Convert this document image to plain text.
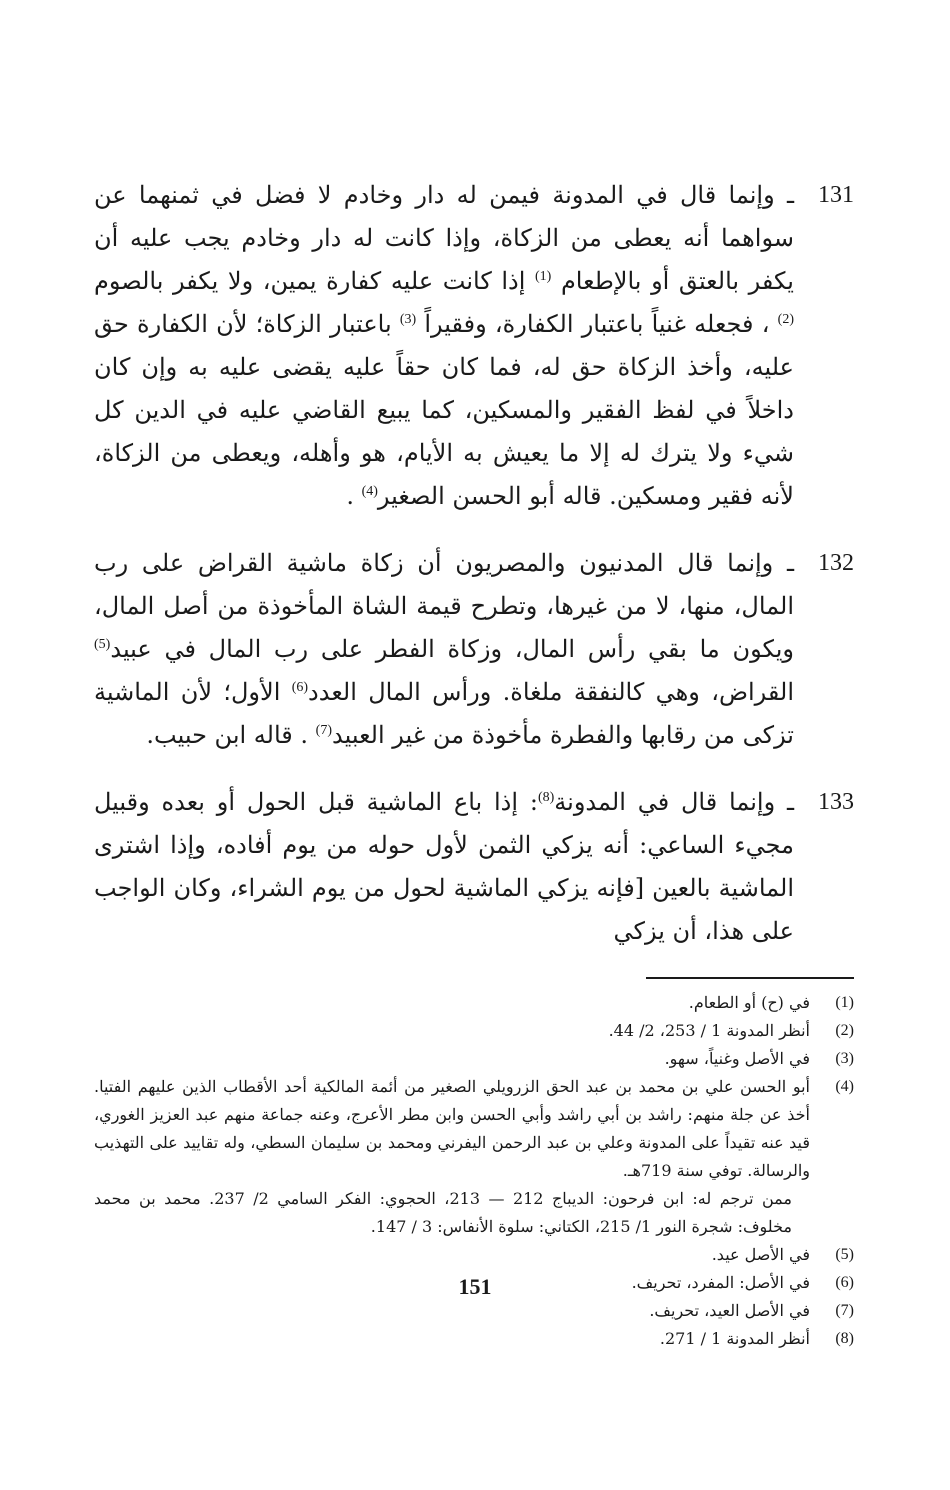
131

ـ وإنما قال في المدونة فيمن له دار وخادم لا فضل في ثمنهما عن سواهما أنه يعطى من الزكاة، وإذا كانت له دار وخادم يجب عليه أن يكفر بالعتق أو بالإطعام $^{(1)}$ إذا كانت عليه كفارة يمين، ولا يكفر بالصوم $^{(2)}$ ، فجعله غنياً باعتبار الكفارة، وفقيراً $^{(3)}$ باعتبار الزكاة؛ لأن الكفارة حق عليه، وأخذ الزكاة حق له، فما كان حقاً عليه يقضى عليه به وإن كان داخلاً في لفظ الفقير والمسكين، كما يبيع القاضي عليه في الدين كل شيء ولا يترك له إلا ما يعيش به الأيام، هو وأهله، ويعطى من الزكاة، لأنه فقير ومسكين. قاله أبو الحسن الصغير$^{(4)}$ .

132

ـ وإنما قال المدنيون والمصريون أن زكاة ماشية القراض على رب المال، منها، لا من غيرها، وتطرح قيمة الشاة المأخوذة من أصل المال، ويكون ما بقي رأس المال، وزكاة الفطر على رب المال في عبيد$^{(5)}$ القراض، وهي كالنفقة ملغاة. ورأس المال العدد$^{(6)}$ الأول؛ لأن الماشية تزكى من رقابها والفطرة مأخوذة من غير العبيد$^{(7)}$ . قاله ابن حبيب.

133

ـ وإنما قال في المدونة$^{(8)}$: إذا باع الماشية قبل الحول أو بعده وقبيل مجيء الساعي: أنه يزكي الثمن لأول حوله من يوم أفاده، وإذا اشترى الماشية بالعين [فإنه يزكي الماشية لحول من يوم الشراء، وكان الواجب على هذا، أن يزكي

(1)

في (ح) أو الطعام.

(2)

أنظر المدونة 1 / 253، 2/ 44.

(3)

في الأصل وغنياً، سهو.

(4)

أبو الحسن علي بن محمد بن عبد الحق الزرويلي الصغير من أئمة المالكية أحد الأقطاب الذين عليهم الفتيا. أخذ عن جلة منهم: راشد بن أبي راشد وأبي الحسن وابن مطر الأعرج، وعنه جماعة منهم عبد العزيز الغوري، قيد عنه تقيداً على المدونة وعلي بن عبد الرحمن اليفرني ومحمد بن سليمان السطي، وله تقاييد على التهذيب والرسالة. توفي سنة 719هـ.

ممن ترجم له: ابن فرحون: الديباج 212 — 213، الحجوي: الفكر السامي 2/ 237. محمد بن محمد مخلوف: شجرة النور 1/ 215، الكتاني: سلوة الأنفاس: 3 / 147.

(5)

في الأصل عيد.

(6)

في الأصل: المفرد، تحريف.

(7)

في الأصل العيد، تحريف.

(8)

أنظر المدونة 1 / 271.

151
